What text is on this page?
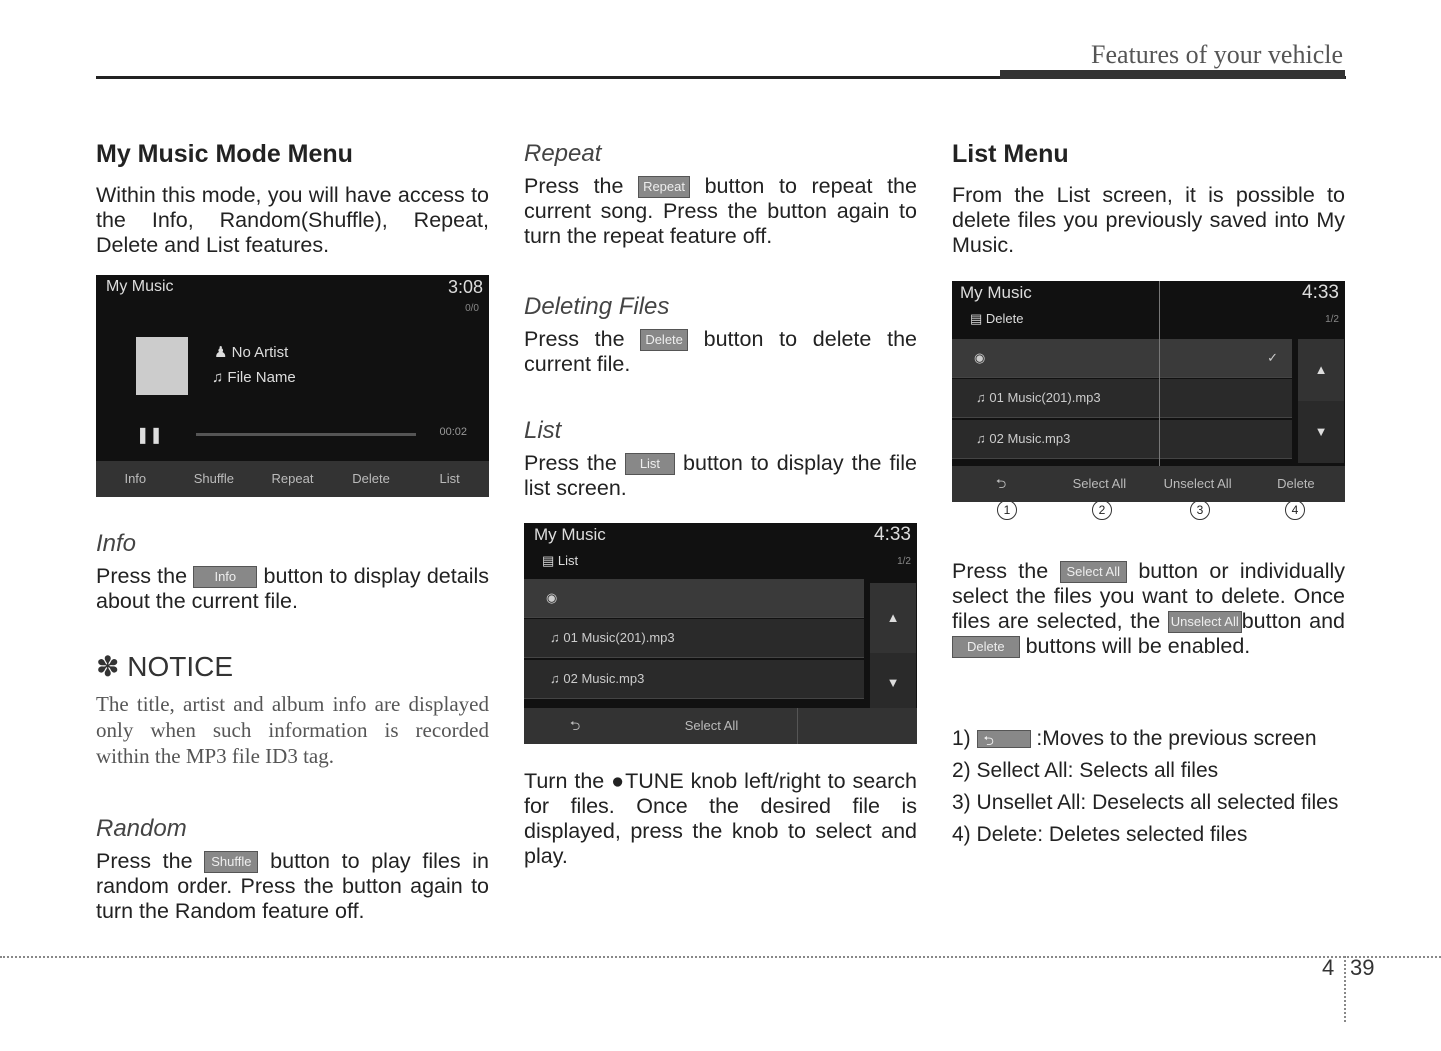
Features of your vehicle
My Music Mode Menu

Within this mode, you will have access to the Info, Random(Shuffle), Repeat, Delete and List features.

My Music	3:08
0/0
♟ No Artist
♫ File Name
❚❚	00:02
Info	Shuffle	Repeat	Delete	List
Info

Press the Info button to display details about the current file.

✽ NOTICE

The title, artist and album info are displayed only when such information is recorded within the MP3 file ID3 tag.

Random

Press the Shuffle button to play files in random order. Press the button again to turn the Random feature off.

Repeat

Press the Repeat button to repeat the current song. Press the button again to turn the repeat feature off.

Deleting Files

Press the Delete button to delete the current file.

List

Press the List button to display the file list screen.

My Music	4:33
▤ List	1/2
◉
♫ 01 Music(201).mp3
♫ 02 Music.mp3
▲
▼
⮌	Select All

Turn the ●TUNE knob left/right to search for files. Once the desired file is displayed, press the knob to select and play.

List Menu

From the List screen, it is possible to delete files you previously saved into My Music.

My Music	4:33
▤ Delete	1/2
◉	✓
♫ 01 Music(201).mp3
♫ 02 Music.mp3
▲
▼
⮌	Select All	Unselect All	Delete
1	2	3	4

Press the Select All button or individually select the files you want to delete. Once files are selected, the Unselect All button and Delete buttons will be enabled.

1) ⮌ :Moves to the previous screen
2) Sellect All: Selects all files
3) Unsellet All: Deselects all selected files
4) Delete: Deletes selected files
4 39
